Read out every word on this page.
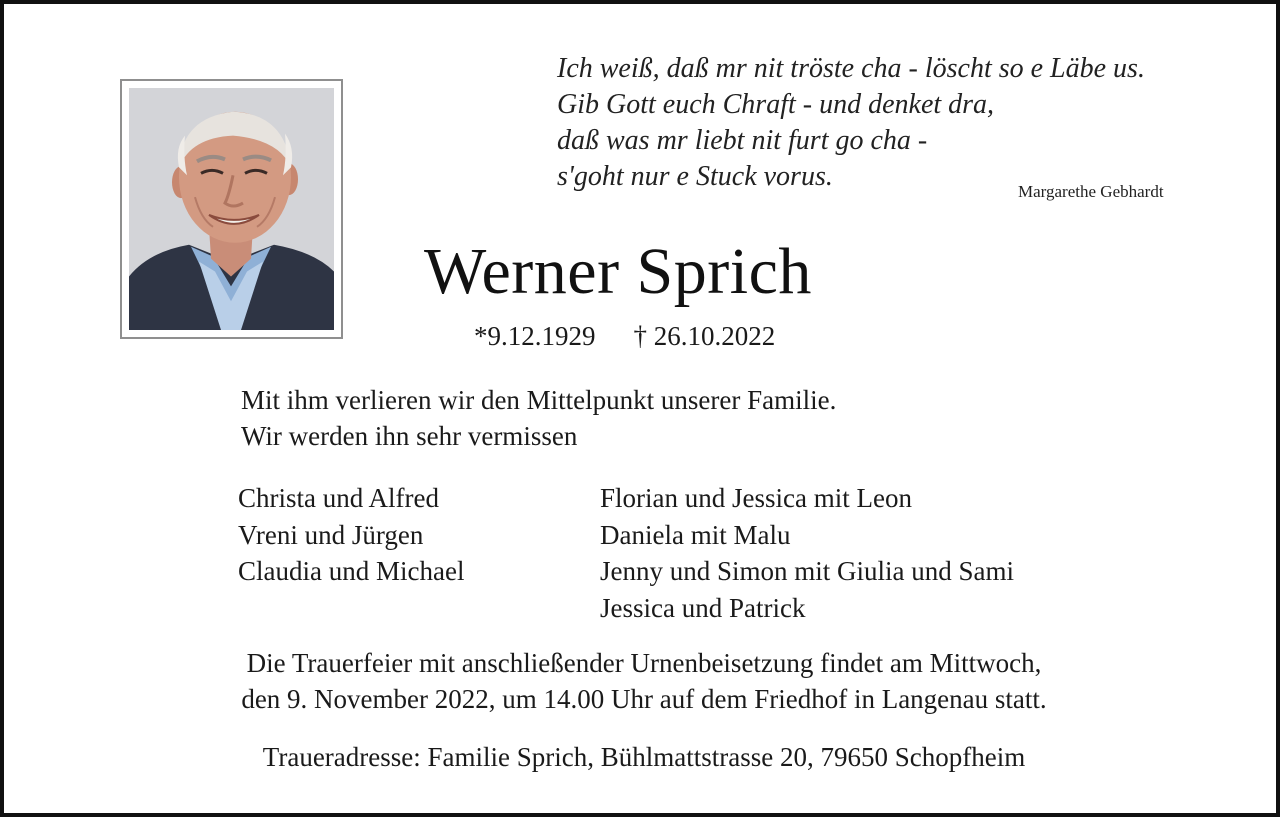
Ich weiß, daß mr nit tröste cha - löscht so e Läbe us.
Gib Gott euch Chraft - und denket dra,
daß was mr liebt nit furt go cha -
s'goht nur e Stuck vorus.	Margarethe Gebhardt
Werner Sprich
*9.12.1929 † 26.10.2022
Mit ihm verlieren wir den Mittelpunkt unserer Familie.
Wir werden ihn sehr vermissen
Christa und Alfred
Vreni und Jürgen
Claudia und Michael
Florian und Jessica mit Leon
Daniela mit Malu
Jenny und Simon mit Giulia und Sami
Jessica und Patrick
Die Trauerfeier mit anschließender Urnenbeisetzung findet am Mittwoch,
den 9. November 2022, um 14.00 Uhr auf dem Friedhof in Langenau statt.
Traueradresse: Familie Sprich, Bühlmattstrasse 20, 79650 Schopfheim
